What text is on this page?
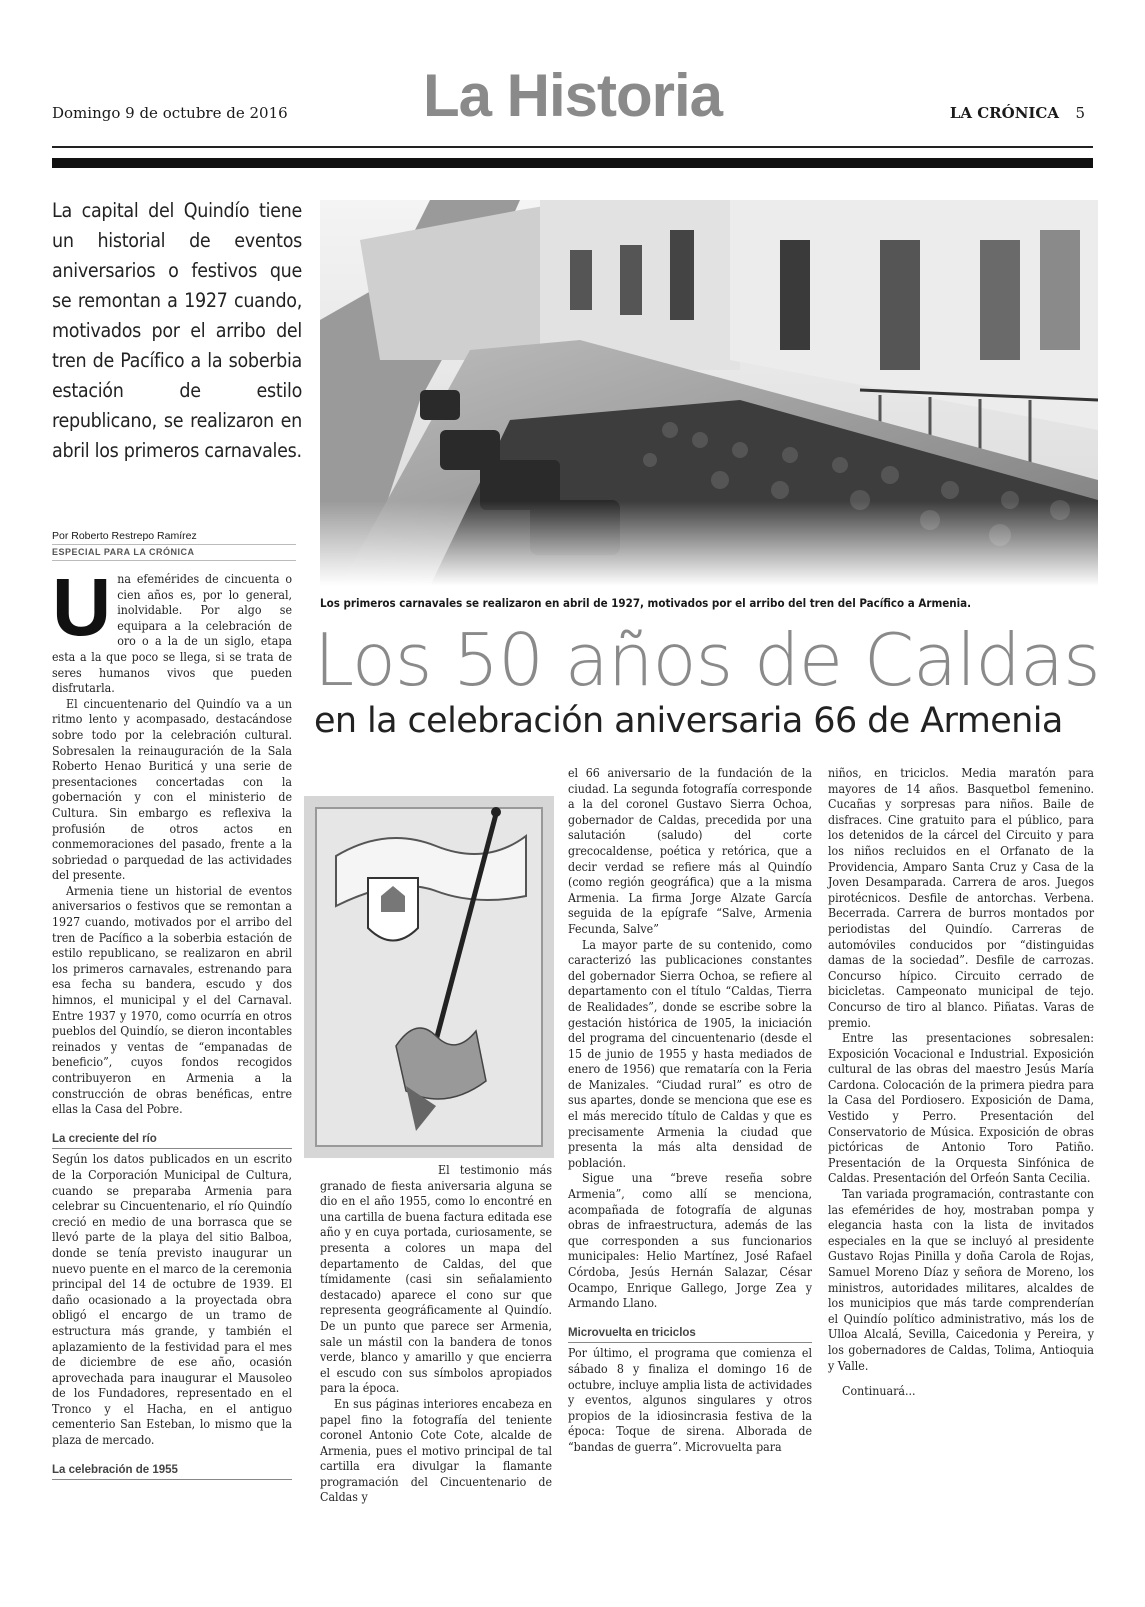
Domingo 9 de octubre de 2016	La Historia	LA CRÓNICA 5
La capital del Quindío tiene un historial de eventos aniversarios o festivos que se remontan a 1927 cuando, motivados por el arribo del tren de Pacífico a la soberbia estación de estilo republicano, se realizaron en abril los primeros carnavales.
Por Roberto Restrepo Ramírez
ESPECIAL PARA LA CRÓNICA
Los primeros carnavales se realizaron en abril de 1927, motivados por el arribo del tren del Pacífico a Armenia.
Los 50 años de Caldas
en la celebración aniversaria 66 de Armenia
U na efemérides de cincuenta o cien años es, por lo general, inolvidable. Por algo se equipara a la celebración de oro o a la de un siglo, etapa esta a la que poco se llega, si se trata de seres humanos vivos que pueden disfrutarla.

El cincuentenario del Quindío va a un ritmo lento y acompasado, destacándose sobre todo por la celebración cultural. Sobresalen la reinauguración de la Sala Roberto Henao Buriticá y una serie de presentaciones concertadas con la gobernación y con el ministerio de Cultura. Sin embargo es reflexiva la profusión de otros actos en conmemoraciones del pasado, frente a la sobriedad o parquedad de las actividades del presente.

Armenia tiene un historial de eventos aniversarios o festivos que se remontan a 1927 cuando, motivados por el arribo del tren de Pacífico a la soberbia estación de estilo republicano, se realizaron en abril los primeros carnavales, estrenando para esa fecha su bandera, escudo y dos himnos, el municipal y el del Carnaval. Entre 1937 y 1970, como ocurría en otros pueblos del Quindío, se dieron incontables reinados y ventas de “empanadas de beneficio”, cuyos fondos recogidos contribuyeron en Armenia a la construcción de obras benéficas, entre ellas la Casa del Pobre.

La creciente del río

Según los datos publicados en un escrito de la Corporación Municipal de Cultura, cuando se preparaba Armenia para celebrar su Cincuentenario, el río Quindío creció en medio de una borrasca que se llevó parte de la playa del sitio Balboa, donde se tenía previsto inaugurar un nuevo puente en el marco de la ceremonia principal del 14 de octubre de 1939. El daño ocasionado a la proyectada obra obligó el encargo de un tramo de estructura más grande, y también el aplazamiento de la festividad para el mes de diciembre de ese año, ocasión aprovechada para inaugurar el Mausoleo de los Fundadores, representado en el Tronco y el Hacha, en el antiguo cementerio San Esteban, lo mismo que la plaza de mercado.

La celebración de 1955

El testimonio más granado de fiesta aniversaria alguna se dio en el año 1955, como lo encontré en una cartilla de buena factura editada ese año y en cuya portada, curiosamente, se presenta a colores un mapa del departamento de Caldas, del que tímidamente (casi sin señalamiento destacado) aparece el cono sur que representa geográficamente al Quindío. De un punto que parece ser Armenia, sale un mástil con la bandera de tonos verde, blanco y amarillo y que encierra el escudo con sus símbolos apropiados para la época.

En sus páginas interiores encabeza en papel fino la fotografía del teniente coronel Antonio Cote Cote, alcalde de Armenia, pues el motivo principal de tal cartilla era divulgar la flamante programación del Cincuentenario de Caldas y

el 66 aniversario de la fundación de la ciudad. La segunda fotografía corresponde a la del coronel Gustavo Sierra Ochoa, gobernador de Caldas, precedida por una salutación (saludo) del corte grecocaldense, poética y retórica, que a decir verdad se refiere más al Quindío (como región geográfica) que a la misma Armenia. La firma Jorge Alzate García seguida de la epígrafe “Salve, Armenia Fecunda, Salve”

La mayor parte de su contenido, como caracterizó las publicaciones constantes del gobernador Sierra Ochoa, se refiere al departamento con el título “Caldas, Tierra de Realidades”, donde se escribe sobre la gestación histórica de 1905, la iniciación del programa del cincuentenario (desde el 15 de junio de 1955 y hasta mediados de enero de 1956) que remataría con la Feria de Manizales. “Ciudad rural” es otro de sus apartes, donde se menciona que ese es el más merecido título de Caldas y que es precisamente Armenia la ciudad que presenta la más alta densidad de población.

Sigue una “breve reseña sobre Armenia”, como allí se menciona, acompañada de fotografía de algunas obras de infraestructura, además de las que corresponden a sus funcionarios municipales: Helio Martínez, José Rafael Córdoba, Jesús Hernán Salazar, César Ocampo, Enrique Gallego, Jorge Zea y Armando Llano.

Microvuelta en triciclos

Por último, el programa que comienza el sábado 8 y finaliza el domingo 16 de octubre, incluye amplia lista de actividades y eventos, algunos singulares y otros propios de la idiosincrasia festiva de la época: Toque de sirena. Alborada de “bandas de guerra”. Microvuelta para

niños, en triciclos. Media maratón para mayores de 14 años. Basquetbol femenino. Cucañas y sorpresas para niños. Baile de disfraces. Cine gratuito para el público, para los detenidos de la cárcel del Circuito y para los niños recluidos en el Orfanato de la Providencia, Amparo Santa Cruz y Casa de la Joven Desamparada. Carrera de aros. Juegos pirotécnicos. Desfile de antorchas. Verbena. Becerrada. Carrera de burros montados por periodistas del Quindío. Carreras de automóviles conducidos por “distinguidas damas de la sociedad”. Desfile de carrozas. Concurso hípico. Circuito cerrado de bicicletas. Campeonato municipal de tejo. Concurso de tiro al blanco. Piñatas. Varas de premio.

Entre las presentaciones sobresalen: Exposición Vocacional e Industrial. Exposición cultural de las obras del maestro Jesús María Cardona. Colocación de la primera piedra para la Casa del Pordiosero. Exposición de Dama, Vestido y Perro. Presentación del Conservatorio de Música. Exposición de obras pictóricas de Antonio Toro Patiño. Presentación de la Orquesta Sinfónica de Caldas. Presentación del Orfeón Santa Cecilia.

Tan variada programación, contrastante con las efemérides de hoy, mostraban pompa y elegancia hasta con la lista de invitados especiales en la que se incluyó al presidente Gustavo Rojas Pinilla y doña Carola de Rojas, Samuel Moreno Díaz y señora de Moreno, los ministros, autoridades militares, alcaldes de los municipios que más tarde comprenderían el Quindío político administrativo, más los de Ulloa Alcalá, Sevilla, Caicedonia y Pereira, y los gobernadores de Caldas, Tolima, Antioquia y Valle.

Continuará...
